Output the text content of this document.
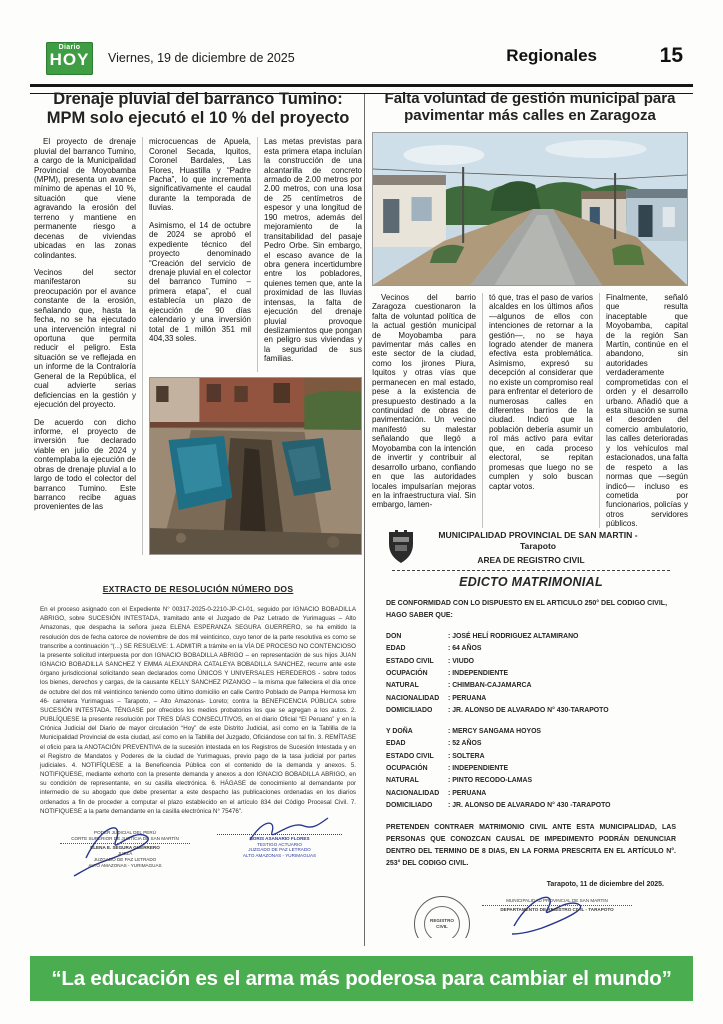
Diario
HOY Viernes, 19 de diciembre de 2025	Regionales	15
Drenaje pluvial del barranco Tumino: MPM solo ejecutó el 10 % del proyecto

El proyecto de drenaje pluvial del barranco Tumino, a cargo de la Municipalidad Provincial de Moyobamba (MPM), presenta un avance mínimo de apenas el 10 %, situación que viene agravando la erosión del terreno y mantiene en permanente riesgo a decenas de viviendas ubicadas en las zonas colindantes.

Vecinos del sector manifestaron su preocupación por el avance constante de la erosión, señalando que, hasta la fecha, no se ha ejecutado una intervención integral ni oportuna que permita reducir el peligro. Esta situación se ve reflejada en un informe de la Contraloría General de la República, el cual advierte serias deficiencias en la gestión y ejecución del proyecto.

De acuerdo con dicho informe, el proyecto de inversión fue declarado viable en julio de 2024 y contemplaba la ejecución de obras de drenaje pluvial a lo largo de todo el colector del barranco Tumino. Este barranco recibe aguas provenientes de las

microcuencas de Apuela, Coronel Secada, Iquitos, Coronel Bardales, Las Flores, Huastilla y “Padre Pacha”, lo que incrementa significativamente el caudal durante la temporada de lluvias.

Asimismo, el 14 de octubre de 2024 se aprobó el expediente técnico del proyecto denominado “Creación del servicio de drenaje pluvial en el colector del barranco Tumino – primera etapa”, el cual establecía un plazo de ejecución de 90 días calendario y una inversión total de 1 millón 351 mil 404,33 soles.

Las metas previstas para esta primera etapa incluían la construcción de una alcantarilla de concreto armado de 2.00 metros por 2.00 metros, con una losa de 25 centímetros de espesor y una longitud de 190 metros, además del mejoramiento de la transitabilidad del pasaje Pedro Orbe. Sin embargo, el escaso avance de la obra genera incertidumbre entre los pobladores, quienes temen que, ante la proximidad de las lluvias intensas, la falta de ejecución del drenaje pluvial provoque deslizamientos que pongan en peligro sus viviendas y la seguridad de sus familias.

EXTRACTO DE RESOLUCIÓN NÚMERO DOS
En el proceso asignado con el Expediente N° 00317-2025-0-2210-JP-CI-01, seguido por IGNACIO BOBADILLA ABRIGO, sobre SUCESIÓN INTESTADA, tramitado ante el Juzgado de Paz Letrado de Yurimaguas – Alto Amazonas, que despacha la señora jueza ELENA ESPERANZA SEGURA GUERRERO, se ha emitido la resolución dos de fecha catorce de noviembre de dos mil veinticinco, cuyo tenor de la parte resolutiva es como se transcribe a continuación “(...) SE RESUELVE: 1. ADMITIR a trámite en la VÍA DE PROCESO NO CONTENCIOSO la presente solicitud interpuesta por don IGNACIO BOBADILLA ABRIGO – en representación de sus hijos JUAN IGNACIO BOBADILLA SANCHEZ Y EMMA ALEXANDRA CATALEYA BOBADILLA SANCHEZ, recurre ante este órgano jurisdiccional solicitando sean declarados como ÚNICOS Y UNIVERSALES HEREDEROS - sobre todos los bienes, derechos y cargas, de la causante KELLY SANCHEZ PIZANGO – la misma que falleciera el día once de octubre del dos mil veinticinco teniendo como último domicilio en calle Centro Poblado de Pampa Hermosa km 46- carretera Yurimaguas – Tarapoto, – Alto Amazonas- Loreto; contra la BENEFICENCIA PÚBLICA sobre SUCESIÓN INTESTADA. TÉNGASE por ofrecidos los medios probatorios los que se agregan a los autos. 2. PUBLÍQUESE la presente resolución por TRES DÍAS CONSECUTIVOS, en el diario Oficial “El Peruano” y en la Crónica Judicial del Diario de mayor circulación “Hoy” de este Distrito Judicial, así como en la Tablilla de la Municipalidad Provincial de esta ciudad, así como en la Tablilla del Juzgado, Oficiándose con tal fin. 3. REMÍTASE el oficio para la ANOTACIÓN PREVENTIVA de la sucesión intestada en los Registros de Sucesión Intestada y en el Registro de Mandatos y Poderes de la ciudad de Yurimaguas, previo pago de la tasa judicial por partes judiciales. 4. NOTIFÍQUESE a la Beneficencia Pública con el contenido de la demanda y anexos. 5. NOTIFIQUESE, mediante exhorto con la presente demanda y anexos a don IGNACIO BOBADILLA ABRIGO, en su condición de representante, en su casilla electrónica. 6. HÁGASE de conocimiento al demandante por intermedio de su abogado que debe presentar a este despacho las publicaciones ordenadas en los diarios ordenados a fin de proceder a computar el plazo establecido en el artículo 834 del Código Procesal Civil. 7. NOTIFIQUESE a la parte demandante en la casilla electrónica N° 75476”.
PODER JUDICIAL DEL PERÚ
CORTE SUPERIOR DE JUSTICIA DE SAN MARTÍN
ELENA E. SEGURA GUERRERO
JUEZA
JUZGADO DE PAZ LETRADO
ALTO AMAZONAS - YURIMAGUAS
NORIS ASANARIO FLORES
TESTIGO ACTUARIO
JUZGADO DE PAZ LETRADO
ALTO AMAZONAS - YURIMAGUAS
Falta voluntad de gestión municipal para pavimentar más calles en Zaragoza

Vecinos del barrio Zaragoza cuestionaron la falta de voluntad política de la actual gestión municipal de Moyobamba para pavimentar más calles en este sector de la ciudad, como los jirones Piura, Iquitos y otras vías que permanecen en mal estado, pese a la existencia de presupuesto destinado a la continuidad de obras de pavimentación. Un vecino manifestó su malestar señalando que llegó a Moyobamba con la intención de invertir y contribuir al desarrollo urbano, confiando en que las autoridades locales impulsarían mejoras en la infraestructura vial. Sin embargo, lamen-

tó que, tras el paso de varios alcaldes en los últimos años —algunos de ellos con intenciones de retornar a la gestión—, no se haya logrado atender de manera efectiva esta problemática. Asimismo, expresó su decepción al considerar que no existe un compromiso real para enfrentar el deterioro de numerosas calles en diferentes barrios de la ciudad. Indicó que la población debería asumir un rol más activo para evitar que, en cada proceso electoral, se repitan promesas que luego no se cumplen y solo buscan captar votos.

Finalmente, señaló que resulta inaceptable que Moyobamba, capital de la región San Martín, continúe en el abandono, sin autoridades verdaderamente comprometidas con el orden y el desarrollo urbano. Añadió que a esta situación se suma el desorden del comercio ambulatorio, las calles deterioradas y los vehículos mal estacionados, una falta de respeto a las normas que —según indicó— incluso es cometida por funcionarios, policías y otros servidores públicos.

MUNICIPALIDAD PROVINCIAL DE SAN MARTIN - Tarapoto
AREA DE REGISTRO CIVIL
EDICTO MATRIMONIAL
DE CONFORMIDAD CON LO DISPUESTO EN EL ARTICULO 250° DEL CODIGO CIVIL, HAGO SABER QUE:
DON	: JOSÉ HELÍ RODRIGUEZ ALTAMIRANO
EDAD	: 64 AÑOS
ESTADO CIVIL	: VIUDO
OCUPACIÓN	: INDEPENDIENTE
NATURAL	: CHIMBAN-CAJAMARCA
NACIONALIDAD	: PERUANA
DOMICILIADO	: JR. ALONSO DE ALVARADO N° 430-TARAPOTO
Y DOÑA	: MERCY SANGAMA HOYOS
EDAD	: 52 AÑOS
ESTADO CIVIL	: SOLTERA
OCUPACIÓN	: INDEPENDIENTE
NATURAL	: PINTO RECODO-LAMAS
NACIONALIDAD	: PERUANA
DOMICILIADO	: JR. ALONSO DE ALVARADO N° 430 -TARAPOTO
PRETENDEN CONTRAER MATRIMONIO CIVIL ANTE ESTA MUNICIPALIDAD, LAS PERSONAS QUE CONOZCAN CAUSAL DE IMPEDIMENTO PODRÁN DENUNCIAR DENTRO DEL TERMINO DE 8 DIAS, EN LA FORMA PRESCRITA EN EL ARTÍCULO N°. 253° DEL CODIGO CIVIL.
Tarapoto, 11 de diciembre del 2025.
REGISTRO CIVIL
MUNICIPALIDAD PROVINCIAL DE SAN MARTIN
DEPARTAMENTO DE REGISTRO CIVIL - TARAPOTO
“La educación es el arma más poderosa para cambiar el mundo”
